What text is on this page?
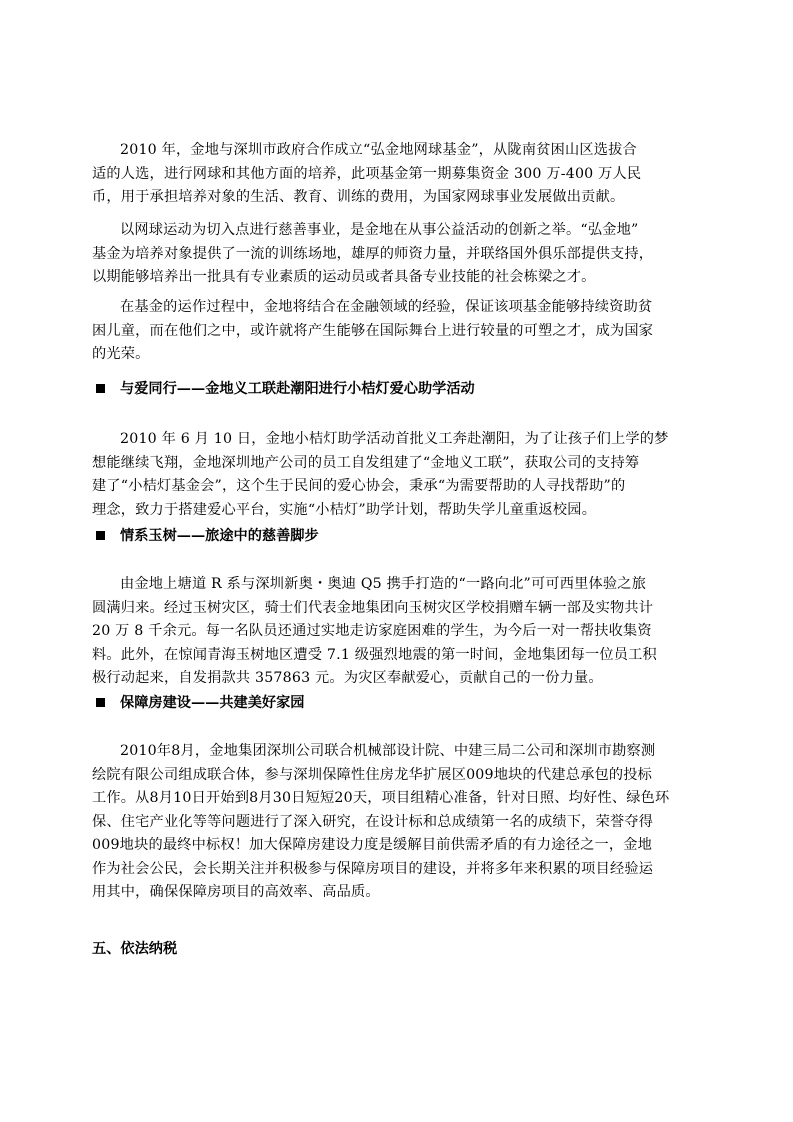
2010 年，金地与深圳市政府合作成立“弘金地网球基金”，从陇南贫困山区选拔合
适的人选，进行网球和其他方面的培养，此项基金第一期募集资金 300 万-400 万人民
币，用于承担培养对象的生活、教育、训练的费用，为国家网球事业发展做出贡献。

以网球运动为切入点进行慈善事业，是金地在从事公益活动的创新之举。“弘金地”
基金为培养对象提供了一流的训练场地，雄厚的师资力量，并联络国外俱乐部提供支持，
以期能够培养出一批具有专业素质的运动员或者具备专业技能的社会栋梁之才。

在基金的运作过程中，金地将结合在金融领域的经验，保证该项基金能够持续资助贫
困儿童，而在他们之中，或许就将产生能够在国际舞台上进行较量的可塑之才，成为国家
的光荣。

与爱同行——金地义工联赴潮阳进行小桔灯爱心助学活动

2010 年 6 月 10 日，金地小桔灯助学活动首批义工奔赴潮阳，为了让孩子们上学的梦
想能继续飞翔，金地深圳地产公司的员工自发组建了“金地义工联”，获取公司的支持筹
建了“小桔灯基金会”，这个生于民间的爱心协会，秉承“为需要帮助的人寻找帮助”的
理念，致力于搭建爱心平台，实施“小桔灯”助学计划，帮助失学儿童重返校园。

情系玉树——旅途中的慈善脚步

由金地上塘道 R 系与深圳新奥・奥迪 Q5 携手打造的“一路向北”可可西里体验之旅
圆满归来。经过玉树灾区，骑士们代表金地集团向玉树灾区学校捐赠车辆一部及实物共计
20 万 8 千余元。每一名队员还通过实地走访家庭困难的学生，为今后一对一帮扶收集资
料。此外，在惊闻青海玉树地区遭受 7.1 级强烈地震的第一时间，金地集团每一位员工积
极行动起来，自发捐款共 357863 元。为灾区奉献爱心，贡献自己的一份力量。

保障房建设——共建美好家园

2010年8月，金地集团深圳公司联合机械部设计院、中建三局二公司和深圳市勘察测
绘院有限公司组成联合体，参与深圳保障性住房龙华扩展区009地块的代建总承包的投标
工作。从8月10日开始到8月30日短短20天，项目组精心准备，针对日照、均好性、绿色环
保、住宅产业化等等问题进行了深入研究，在设计标和总成绩第一名的成绩下，荣誉夺得
009地块的最终中标权！加大保障房建设力度是缓解目前供需矛盾的有力途径之一，金地
作为社会公民，会长期关注并积极参与保障房项目的建设，并将多年来积累的项目经验运
用其中，确保保障房项目的高效率、高品质。

五、依法纳税
